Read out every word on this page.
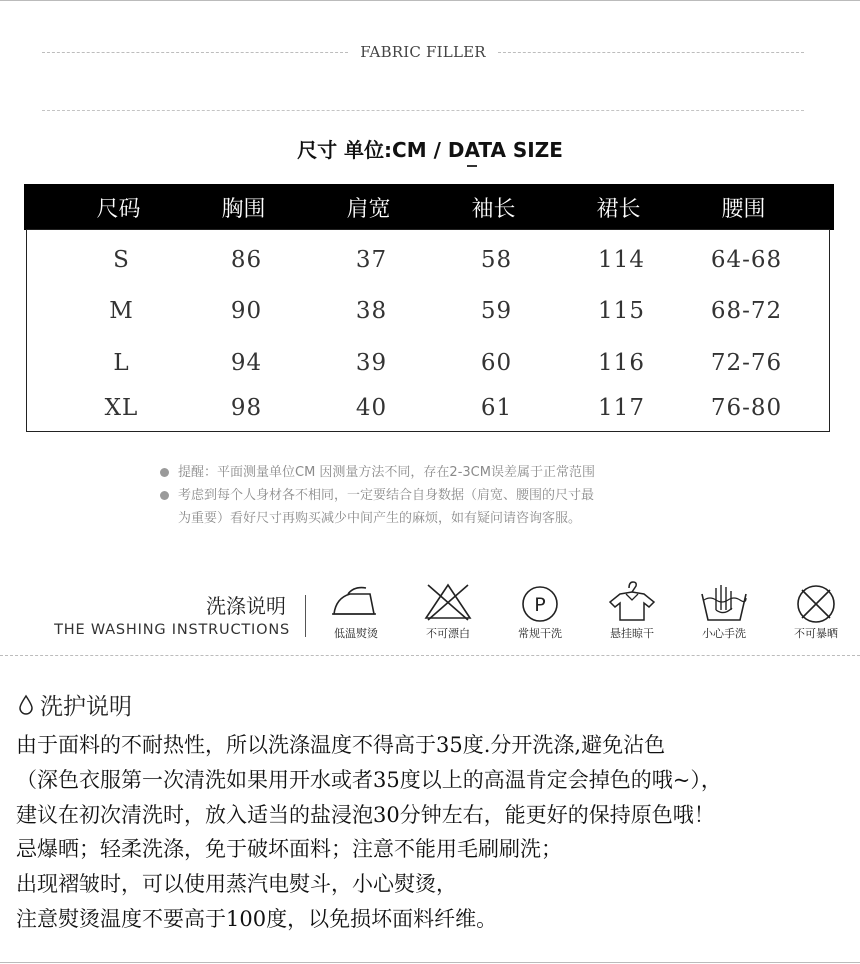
FABRIC FILLER
尺寸 单位:CM / DATA SIZE
尺码	胸围	肩宽	袖长	裙长	腰围
S	86	37	58	114	64-68
M	90	38	59	115	68-72
L	94	39	60	116	72-76
XL	98	40	61	117	76-80
提醒：平面测量单位CM 因测量方法不同，存在2-3CM误差属于正常范围
考虑到每个人身材各不相同，一定要结合自身数据（肩宽、腰围的尺寸最
为重要）看好尺寸再购买减少中间产生的麻烦，如有疑问请咨询客服。
洗涤说明
THE WASHING INSTRUCTIONS	低温熨烫	不可漂白
P
常规干洗	悬挂晾干	小心手洗	不可暴晒
洗护说明
由于面料的不耐热性，所以洗涤温度不得高于35度.分开洗涤,避免沾色
（深色衣服第一次清洗如果用开水或者35度以上的高温肯定会掉色的哦~），
建议在初次清洗时，放入适当的盐浸泡30分钟左右，能更好的保持原色哦！
忌爆晒；轻柔洗涤，免于破坏面料；注意不能用毛刷刷洗；
出现褶皱时，可以使用蒸汽电熨斗，小心熨烫，
注意熨烫温度不要高于100度，以免损坏面料纤维。
